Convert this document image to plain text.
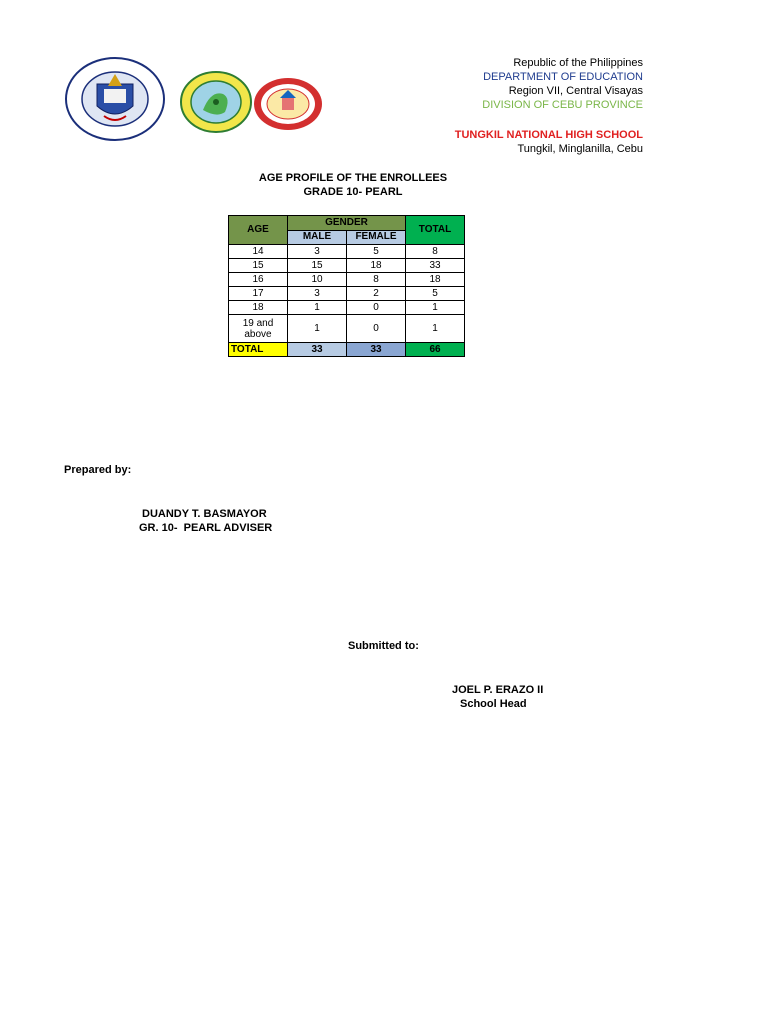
Republic of the Philippines
DEPARTMENT OF EDUCATION
Region VII, Central Visayas
DIVISION OF CEBU PROVINCE
TUNGKIL NATIONAL HIGH SCHOOL
Tungkil, Minglanilla, Cebu
AGE PROFILE OF THE ENROLLEES
GRADE 10- PEARL
AGE	GENDER		TOTAL
	MALE	FEMALE	
14	3	5	8
15	15	18	33
16	10	8	18
17	3	2	5
18	1	0	1
19 and above	1	0	1
TOTAL	33	33	66
Prepared by:
DUANDY T. BASMAYOR
GR. 10-  PEARL ADVISER
Submitted to:
JOEL P. ERAZO II
School Head
